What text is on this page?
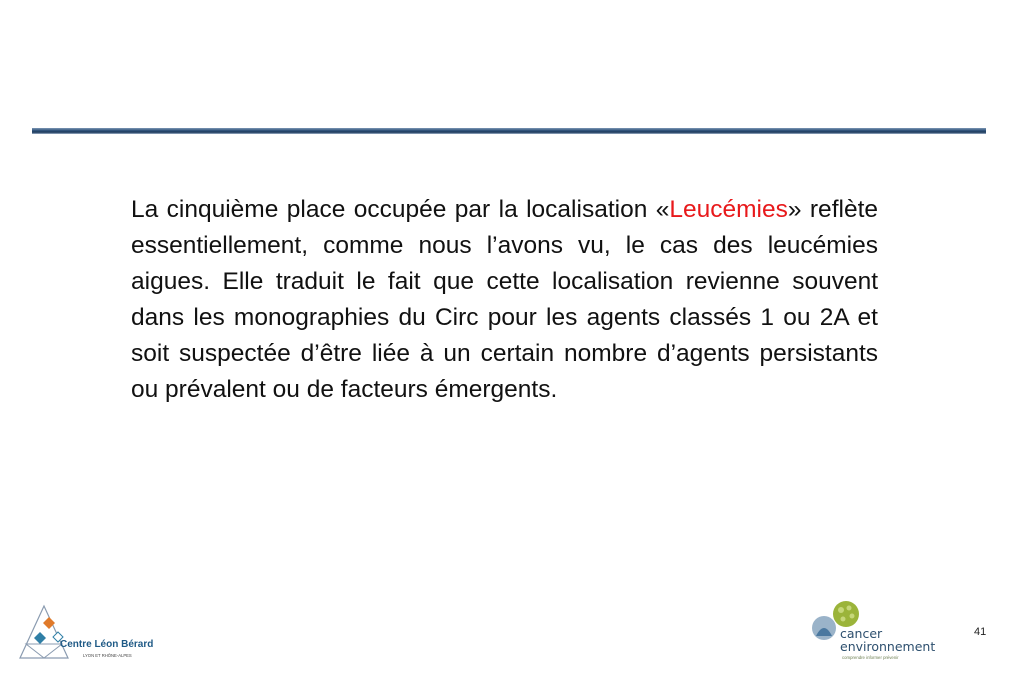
La cinquième place occupée par la localisation «Leucémies» reflète essentiellement, comme nous l’avons vu, le cas des leucémies aigues. Elle traduit le fait que cette localisation revienne souvent dans les monographies du Circ pour les agents classés 1 ou 2A et soit suspectée d’être liée à un certain nombre d’agents persistants ou prévalent ou de facteurs émergents.

Centre Léon Bérard
LYON ET RHÔNE-ALPES
cancer
environnement
comprendre informer prévenir
41
